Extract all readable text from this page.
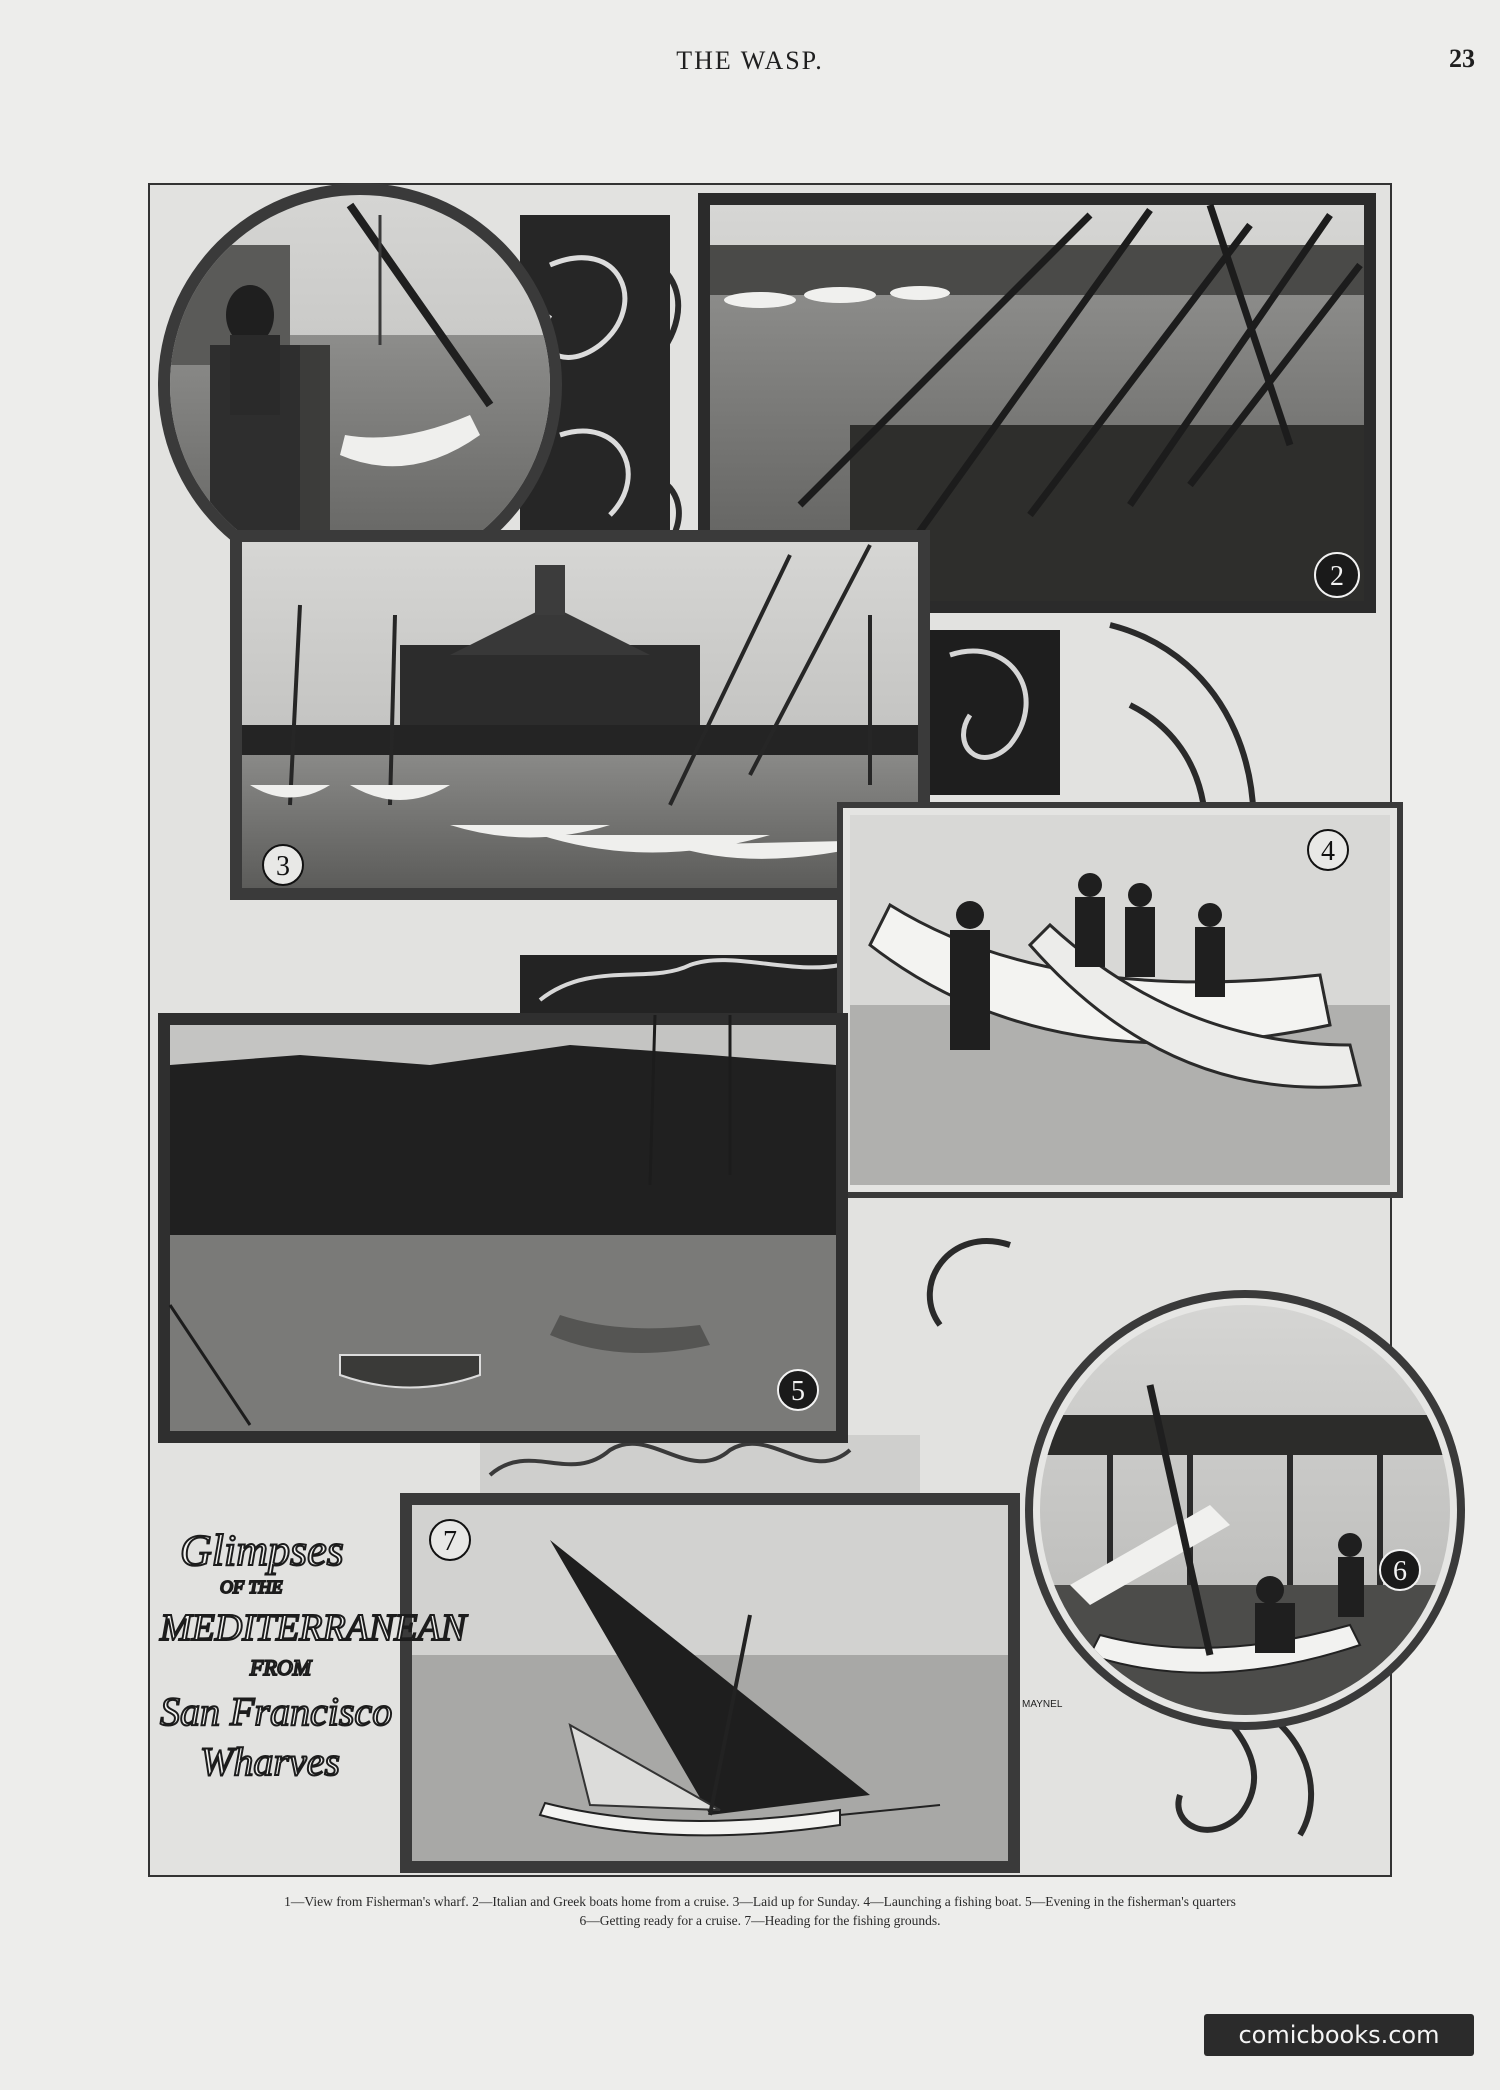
THE WASP.	23
2
3	4
5
6
7
Glimpses
OF THE
MEDITERRANEAN
FROM
San Francisco
Wharves
MAYNEL
1—View from Fisherman's wharf. 2—Italian and Greek boats home from a cruise. 3—Laid up for Sunday. 4—Launching a fishing boat. 5—Evening in the fisherman's quarters
6—Getting ready for a cruise. 7—Heading for the fishing grounds.
comicbooks.com
